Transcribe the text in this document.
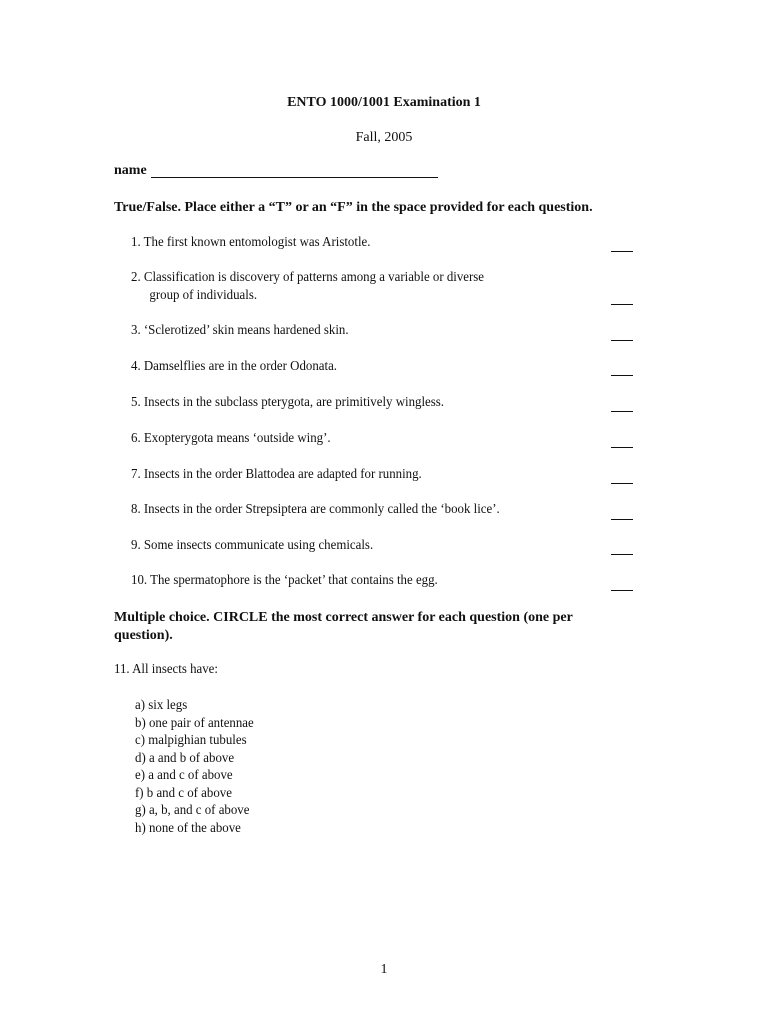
ENTO 1000/1001 Examination 1
Fall, 2005
name
True/False. Place either a “T” or an “F” in the space provided for each question.
1. The first known entomologist was Aristotle.
2. Classification is discovery of patterns among a variable or diverse
group of individuals.
3. ‘Sclerotized’ skin means hardened skin.
4. Damselflies are in the order Odonata.
5. Insects in the subclass pterygota, are primitively wingless.
6. Exopterygota means ‘outside wing’.
7. Insects in the order Blattodea are adapted for running.
8. Insects in the order Strepsiptera are commonly called the ‘book lice’.
9. Some insects communicate using chemicals.
10. The spermatophore is the ‘packet’ that contains the egg.
Multiple choice. CIRCLE the most correct answer for each question (one per question).
11. All insects have:
a) six legs
b) one pair of antennae
c) malpighian tubules
d) a and b of above
e) a and c of above
f) b and c of above
g) a, b, and c of above
h) none of the above
1
